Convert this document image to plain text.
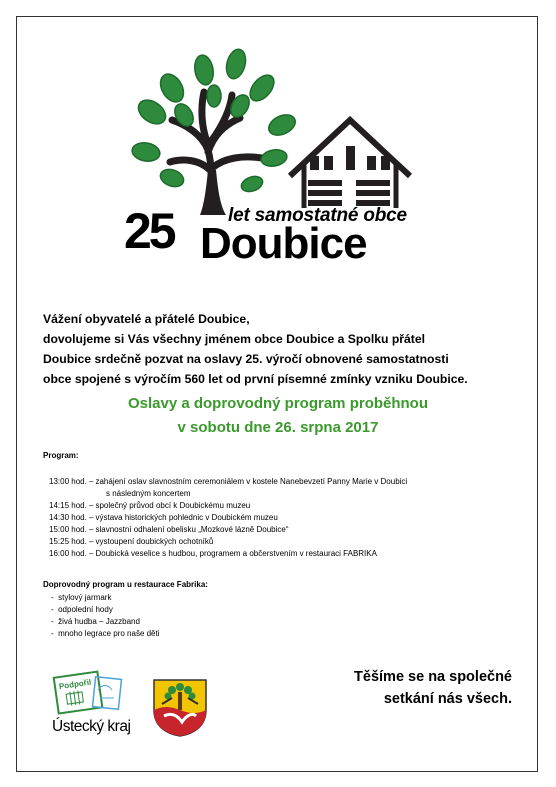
let samostatné obce
25 Doubice

Vážení obyvatelé a přátelé Doubice,

dovolujeme si Vás všechny jménem obce Doubice a Spolku přátel

Doubice srdečně pozvat na oslavy 25. výročí obnovené samostatnosti

obce spojené s výročím 560 let od první písemné zmínky vzniku Doubice.

Oslavy a doprovodný program proběhnou
v sobotu dne 26. srpna 2017
Program:
13:00 hod. – zahájení oslav slavnostním ceremoniálem v kostele Nanebevzetí Panny Marie v Doubici
s následným koncertem
14:15 hod. – společný průvod obcí k Doubickému muzeu
14:30 hod. – výstava historických pohlednic v Doubickém muzeu
15:00 hod. – slavnostní odhalení obelisku „Mozkové lázně Doubice“
15:25 hod. – vystoupení doubických ochotníků
16:00 hod. – Doubická veselice s hudbou, programem a občerstvením v restauraci FABRIKA
Doprovodný program u restaurace Fabrika:
-  stylový jarmark
-  odpolední hody
-  živá hudba – Jazzband
-  mnoho legrace pro naše děti
Podpořil
Ústecký kraj
Těšíme se na společné
setkání nás všech.
